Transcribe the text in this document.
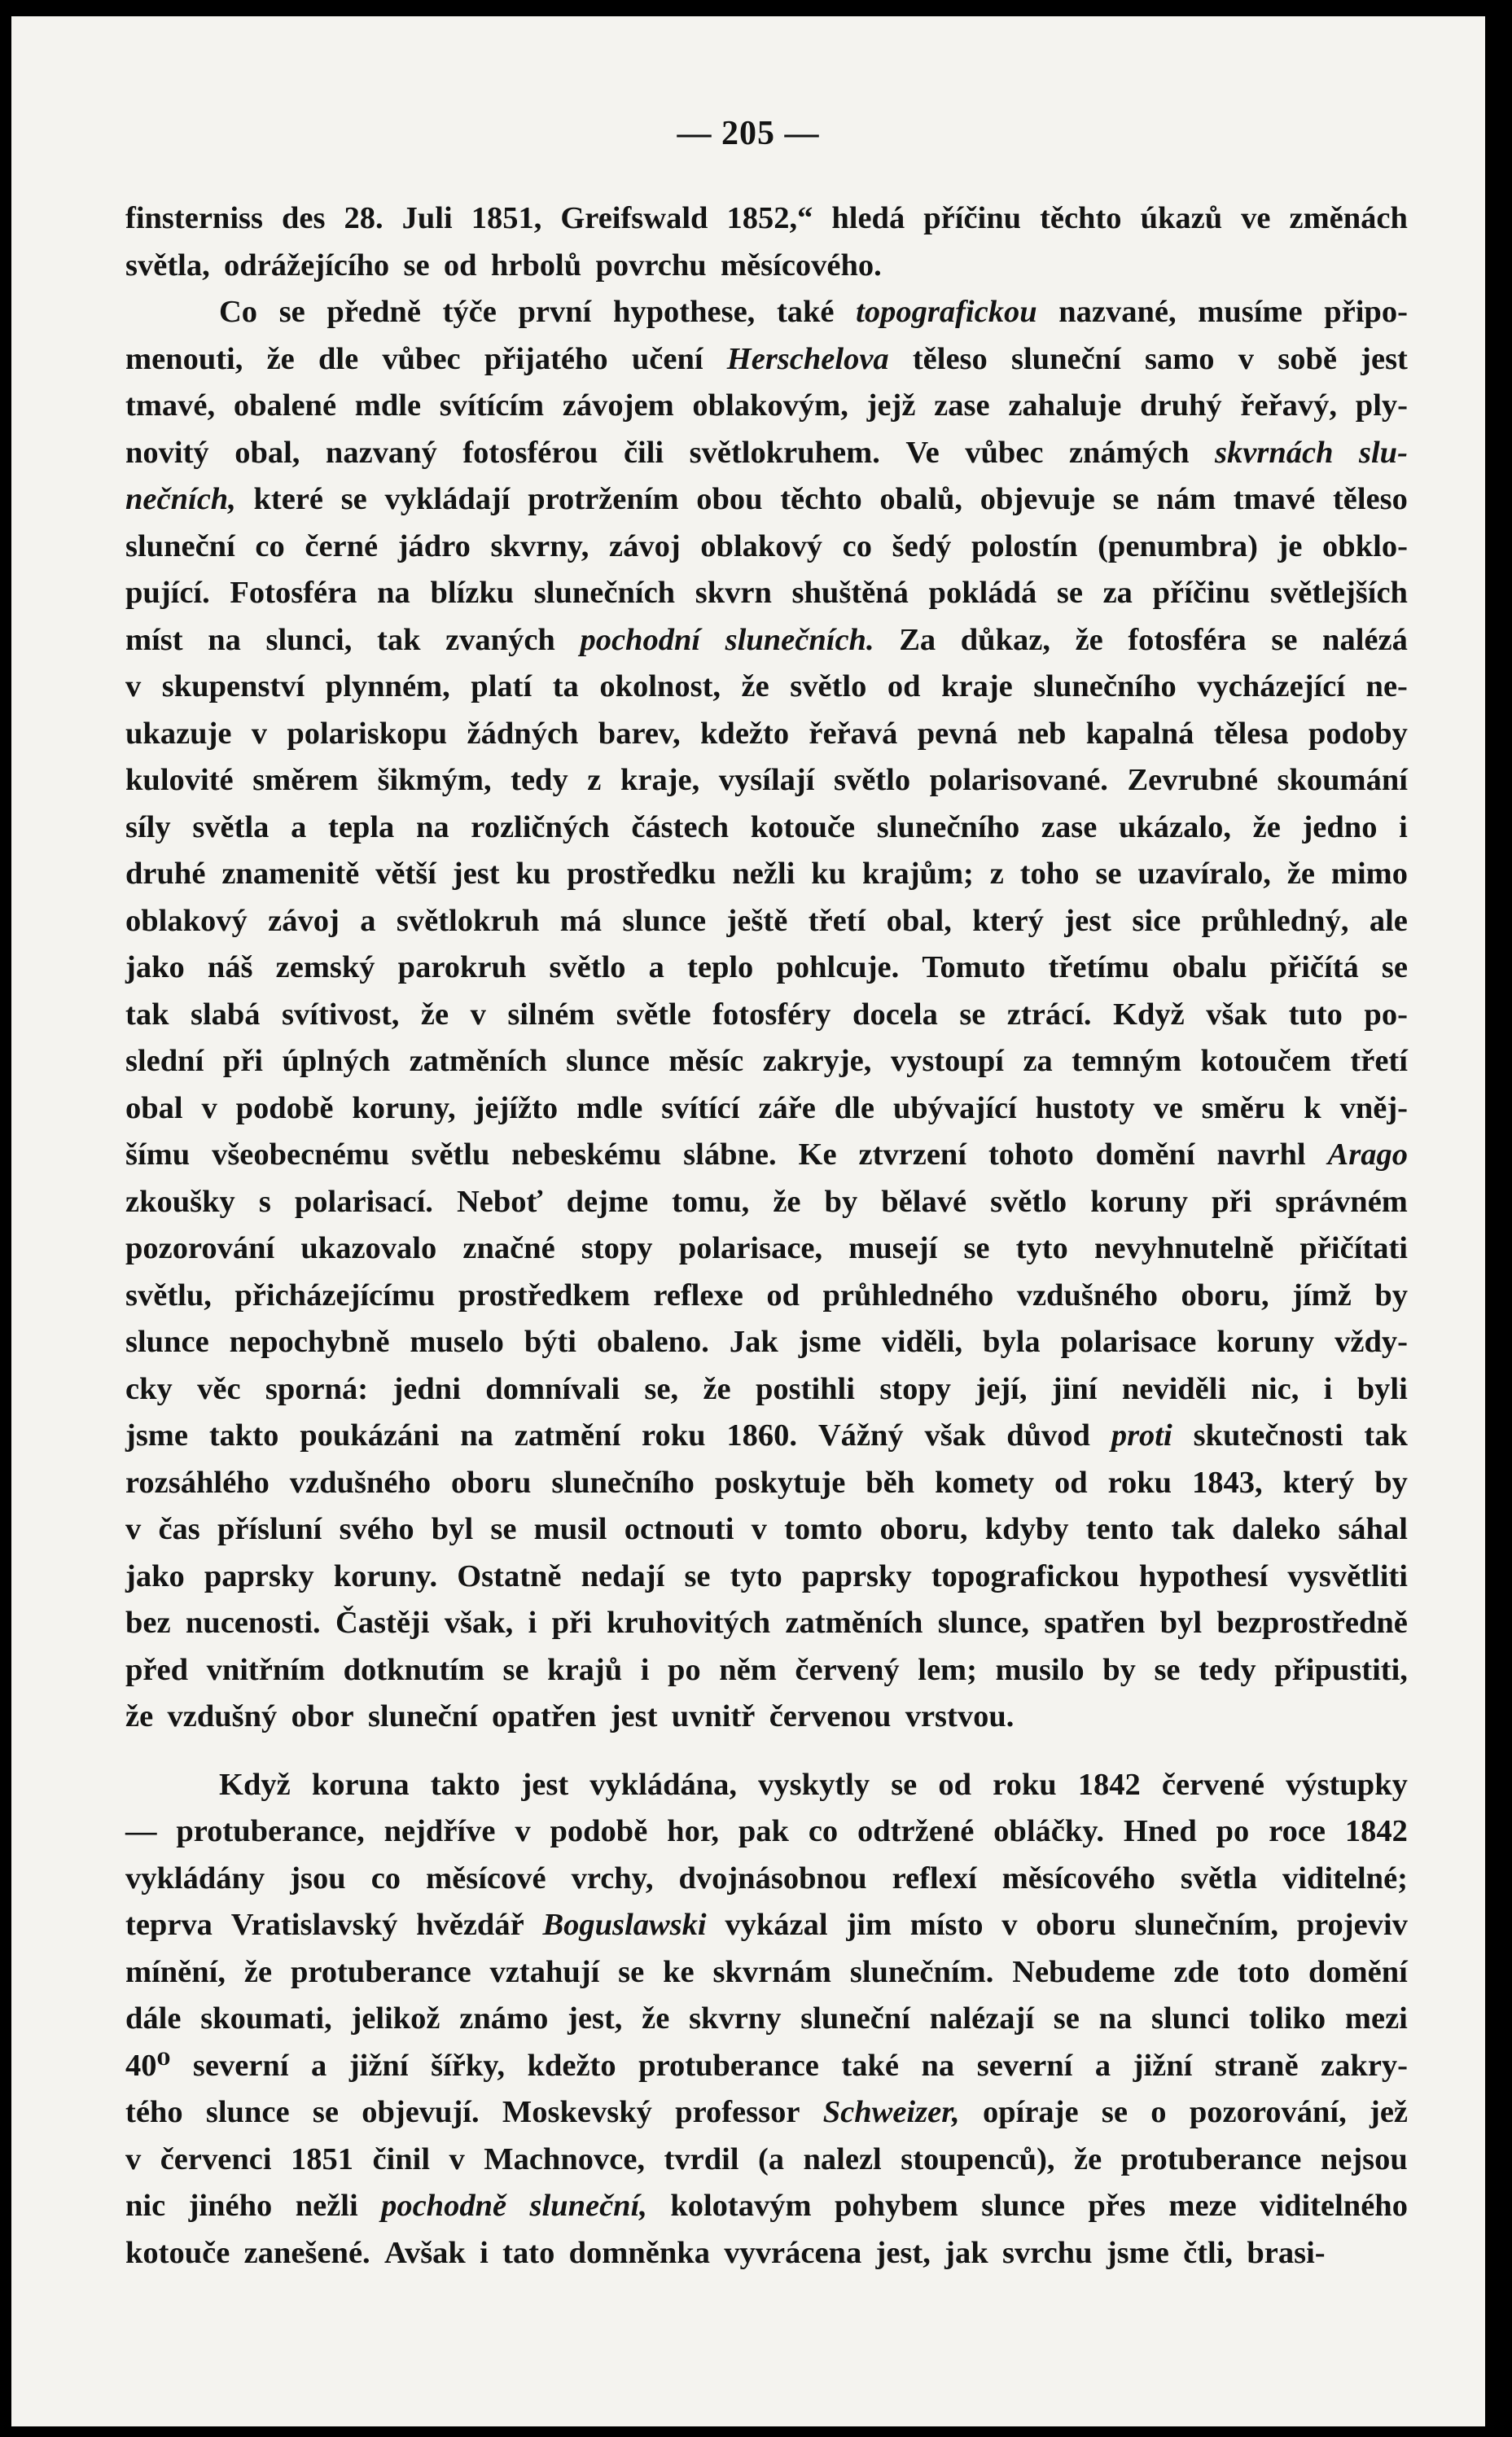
— 205 —
finsterniss des 28. Juli 1851, Greifswald 1852,“ hledá příčinu těchto úkazů ve změnách
světla, odrážejícího se od hrbolů povrchu měsícového.
Co se předně týče první hypothese, také topografickou nazvané, musíme připo-
menouti, že dle vůbec přijatého učení Herschelova těleso sluneční samo v sobě jest
tmavé, obalené mdle svítícím závojem oblakovým, jejž zase zahaluje druhý řeřavý, ply-
novitý obal, nazvaný fotosférou čili světlokruhem. Ve vůbec známých skvrnách slu-
nečních, které se vykládají protržením obou těchto obalů, objevuje se nám tmavé těleso
sluneční co černé jádro skvrny, závoj oblakový co šedý polostín (penumbra) je obklo-
pující. Fotosféra na blízku slunečních skvrn shuštěná pokládá se za příčinu světlejších
míst na slunci, tak zvaných pochodní slunečních. Za důkaz, že fotosféra se nalézá
v skupenství plynném, platí ta okolnost, že světlo od kraje slunečního vycházející ne-
ukazuje v polariskopu žádných barev, kdežto řeřavá pevná neb kapalná tělesa podoby
kulovité směrem šikmým, tedy z kraje, vysílají světlo polarisované. Zevrubné skoumání
síly světla a tepla na rozličných částech kotouče slunečního zase ukázalo, že jedno i
druhé znamenitě větší jest ku prostředku nežli ku krajům; z toho se uzavíralo, že mimo
oblakový závoj a světlokruh má slunce ještě třetí obal, který jest sice průhledný, ale
jako náš zemský parokruh světlo a teplo pohlcuje. Tomuto třetímu obalu přičítá se
tak slabá svítivost, že v silném světle fotosféry docela se ztrácí. Když však tuto po-
slední při úplných zatměních slunce měsíc zakryje, vystoupí za temným kotoučem třetí
obal v podobě koruny, jejížto mdle svítící záře dle ubývající hustoty ve směru k vněj-
šímu všeobecnému světlu nebeskému slábne. Ke ztvrzení tohoto domění navrhl Arago
zkoušky s polarisací. Neboť dejme tomu, že by bělavé světlo koruny při správném
pozorování ukazovalo značné stopy polarisace, musejí se tyto nevyhnutelně přičítati
světlu, přicházejícímu prostředkem reflexe od průhledného vzdušného oboru, jímž by
slunce nepochybně muselo býti obaleno. Jak jsme viděli, byla polarisace koruny vždy-
cky věc sporná: jedni domnívali se, že postihli stopy její, jiní neviděli nic, i byli
jsme takto poukázáni na zatmění roku 1860. Vážný však důvod proti skutečnosti tak
rozsáhlého vzdušného oboru slunečního poskytuje běh komety od roku 1843, který by
v čas přísluní svého byl se musil octnouti v tomto oboru, kdyby tento tak daleko sáhal
jako paprsky koruny. Ostatně nedají se tyto paprsky topografickou hypothesí vysvětliti
bez nucenosti. Častěji však, i při kruhovitých zatměních slunce, spatřen byl bezprostředně
před vnitřním dotknutím se krajů i po něm červený lem; musilo by se tedy připustiti,
že vzdušný obor sluneční opatřen jest uvnitř červenou vrstvou.
Když koruna takto jest vykládána, vyskytly se od roku 1842 červené výstupky
— protuberance, nejdříve v podobě hor, pak co odtržené obláčky. Hned po roce 1842
vykládány jsou co měsícové vrchy, dvojnásobnou reflexí měsícového světla viditelné;
teprva Vratislavský hvězdář Boguslawski vykázal jim místo v oboru slunečním, projeviv
mínění, že protuberance vztahují se ke skvrnám slunečním. Nebudeme zde toto domění
dále skoumati, jelikož známo jest, že skvrny sluneční nalézají se na slunci toliko mezi
40⁰ severní a jižní šířky, kdežto protuberance také na severní a jižní straně zakry-
tého slunce se objevují. Moskevský professor Schweizer, opíraje se o pozorování, jež
v červenci 1851 činil v Machnovce, tvrdil (a nalezl stoupenců), že protuberance nejsou
nic jiného nežli pochodně sluneční, kolotavým pohybem slunce přes meze viditelného
kotouče zanešené. Avšak i tato domněnka vyvrácena jest, jak svrchu jsme čtli, brasi-
